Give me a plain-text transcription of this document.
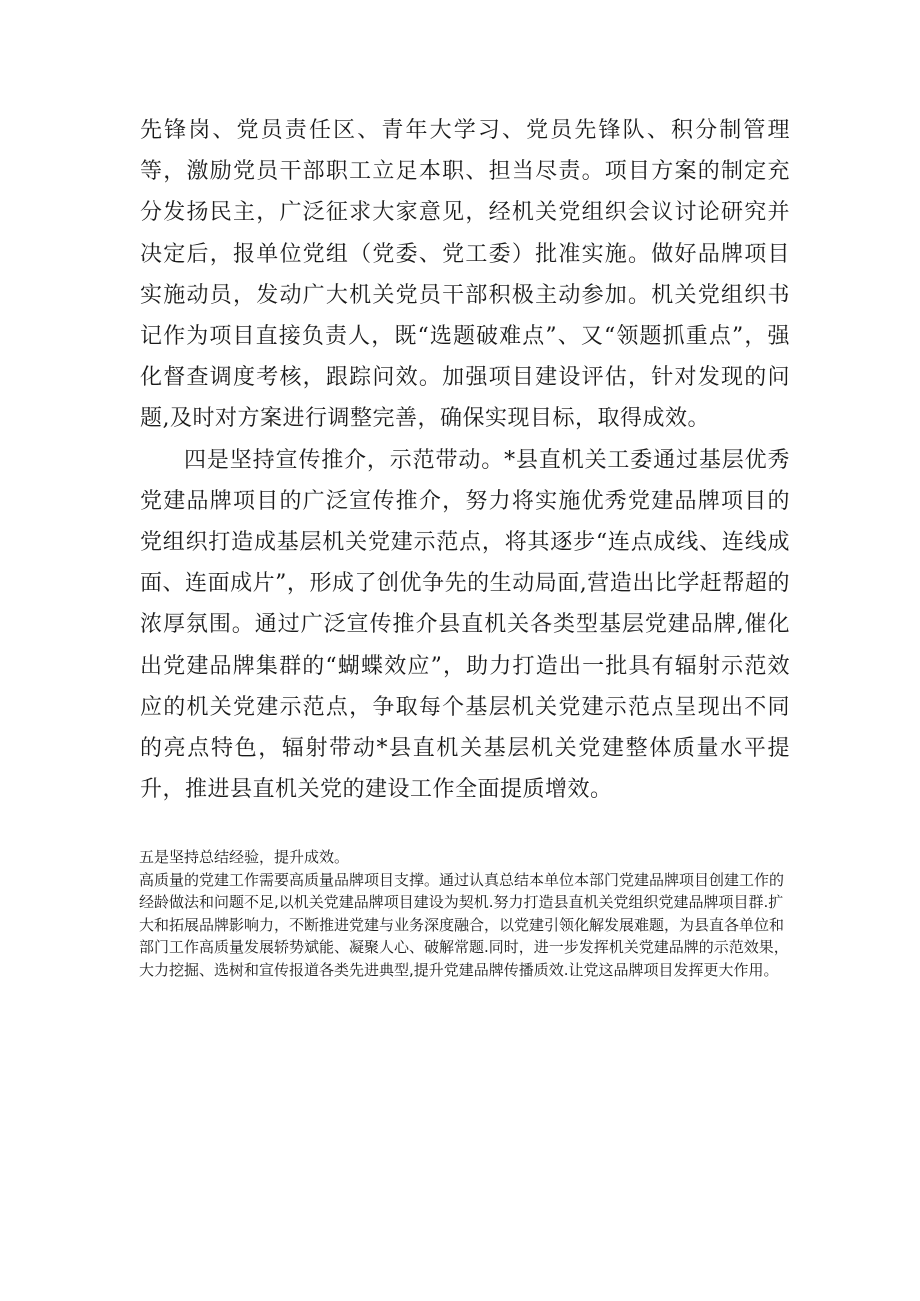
先锋岗、党员责任区、青年大学习、党员先锋队、积分制管理等，激励党员干部职工立足本职、担当尽责。项目方案的制定充分发扬民主，广泛征求大家意见，经机关党组织会议讨论研究并决定后，报单位党组（党委、党工委）批准实施。做好品牌项目实施动员，发动广大机关党员干部积极主动参加。机关党组织书记作为项目直接负责人，既“选题破难点”、又“领题抓重点”，强化督查调度考核，跟踪问效。加强项目建设评估，针对发现的问题,及时对方案进行调整完善，确保实现目标，取得成效。

四是坚持宣传推介，示范带动。*县直机关工委通过基层优秀党建品牌项目的广泛宣传推介，努力将实施优秀党建品牌项目的党组织打造成基层机关党建示范点，将其逐步“连点成线、连线成面、连面成片”，形成了创优争先的生动局面,营造出比学赶帮超的浓厚氛围。通过广泛宣传推介县直机关各类型基层党建品牌,催化出党建品牌集群的“蝴蝶效应”，助力打造出一批具有辐射示范效应的机关党建示范点，争取每个基层机关党建示范点呈现出不同的亮点特色，辐射带动*县直机关基层机关党建整体质量水平提升，推进县直机关党的建设工作全面提质增效。

五是坚持总结经验，提升成效。

高质量的党建工作需要高质量品牌项目支撑。通过认真总结本单位本部门党建品牌项目创建工作的经龄做法和问题不足,以机关党建品牌项目建设为契机.努力打造县直机关党组织党建品牌项目群.扩大和拓展品牌影响力，不断推进党建与业务深度融合，以党建引领化解发展难题，为县直各单位和部门工作高质量发展轿势斌能、凝聚人心、破解常题.同时，进一步发挥机关党建品牌的示范效果，大力挖掘、选树和宣传报道各类先进典型,提升党建品牌传播质效.让党这品牌项目发挥更大作用。
